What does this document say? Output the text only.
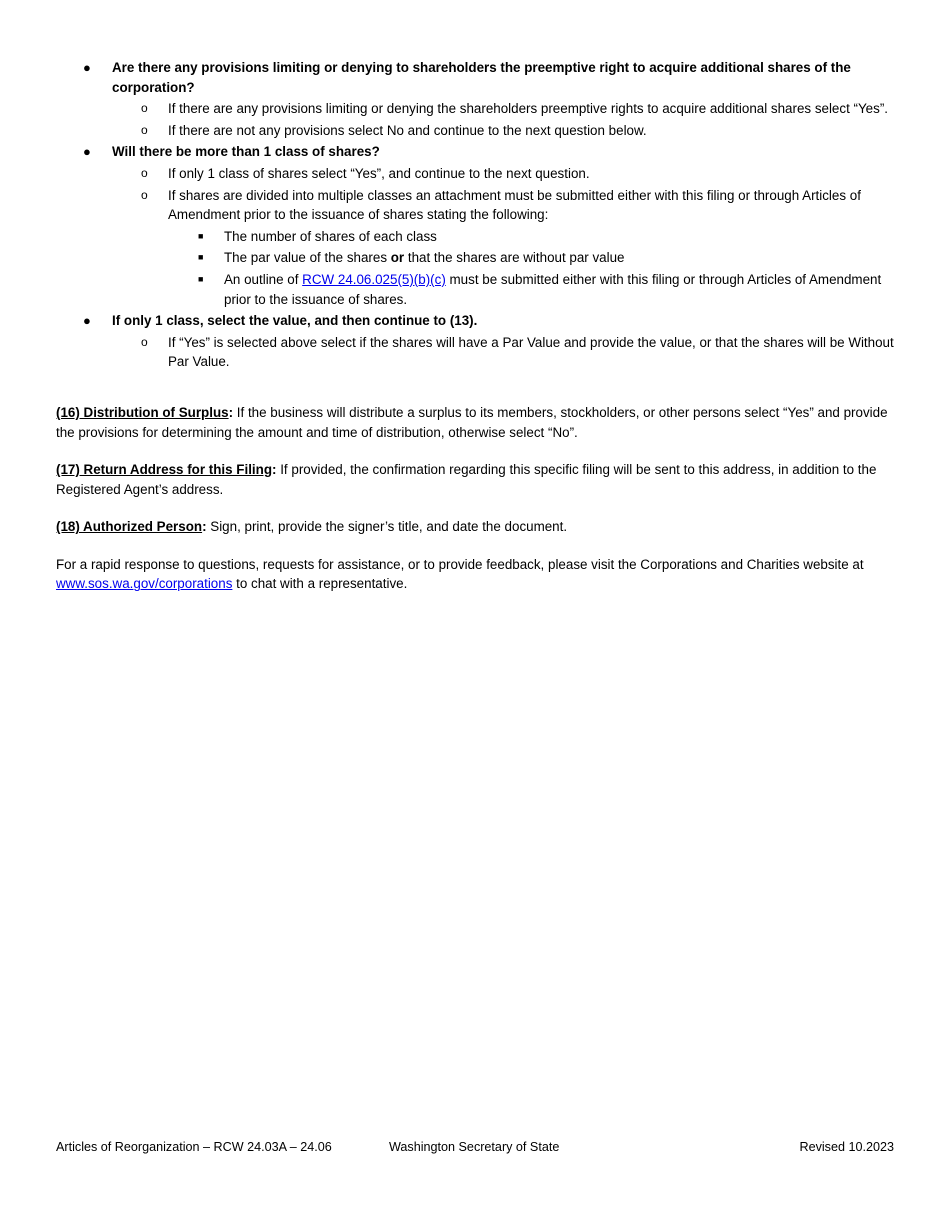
● Are there any provisions limiting or denying to shareholders the preemptive right to acquire additional shares of the corporation?
o If there are any provisions limiting or denying the shareholders preemptive rights to acquire additional shares select “Yes”.
o If there are not any provisions select No and continue to the next question below.
● Will there be more than 1 class of shares?
o If only 1 class of shares select “Yes”, and continue to the next question.
o If shares are divided into multiple classes an attachment must be submitted either with this filing or through Articles of Amendment prior to the issuance of shares stating the following:
■ The number of shares of each class
■ The par value of the shares or that the shares are without par value
■ An outline of RCW 24.06.025(5)(b)(c) must be submitted either with this filing or through Articles of Amendment prior to the issuance of shares.
● If only 1 class, select the value, and then continue to (13).
o If “Yes” is selected above select if the shares will have a Par Value and provide the value, or that the shares will be Without Par Value.
(16) Distribution of Surplus: If the business will distribute a surplus to its members, stockholders, or other persons select “Yes” and provide the provisions for determining the amount and time of distribution, otherwise select “No”.
(17) Return Address for this Filing: If provided, the confirmation regarding this specific filing will be sent to this address, in addition to the Registered Agent’s address.
(18) Authorized Person: Sign, print, provide the signer’s title, and date the document.
For a rapid response to questions, requests for assistance, or to provide feedback, please visit the Corporations and Charities website at www.sos.wa.gov/corporations to chat with a representative.
Articles of Reorganization – RCW 24.03A – 24.06	Washington Secretary of State	Revised 10.2023
